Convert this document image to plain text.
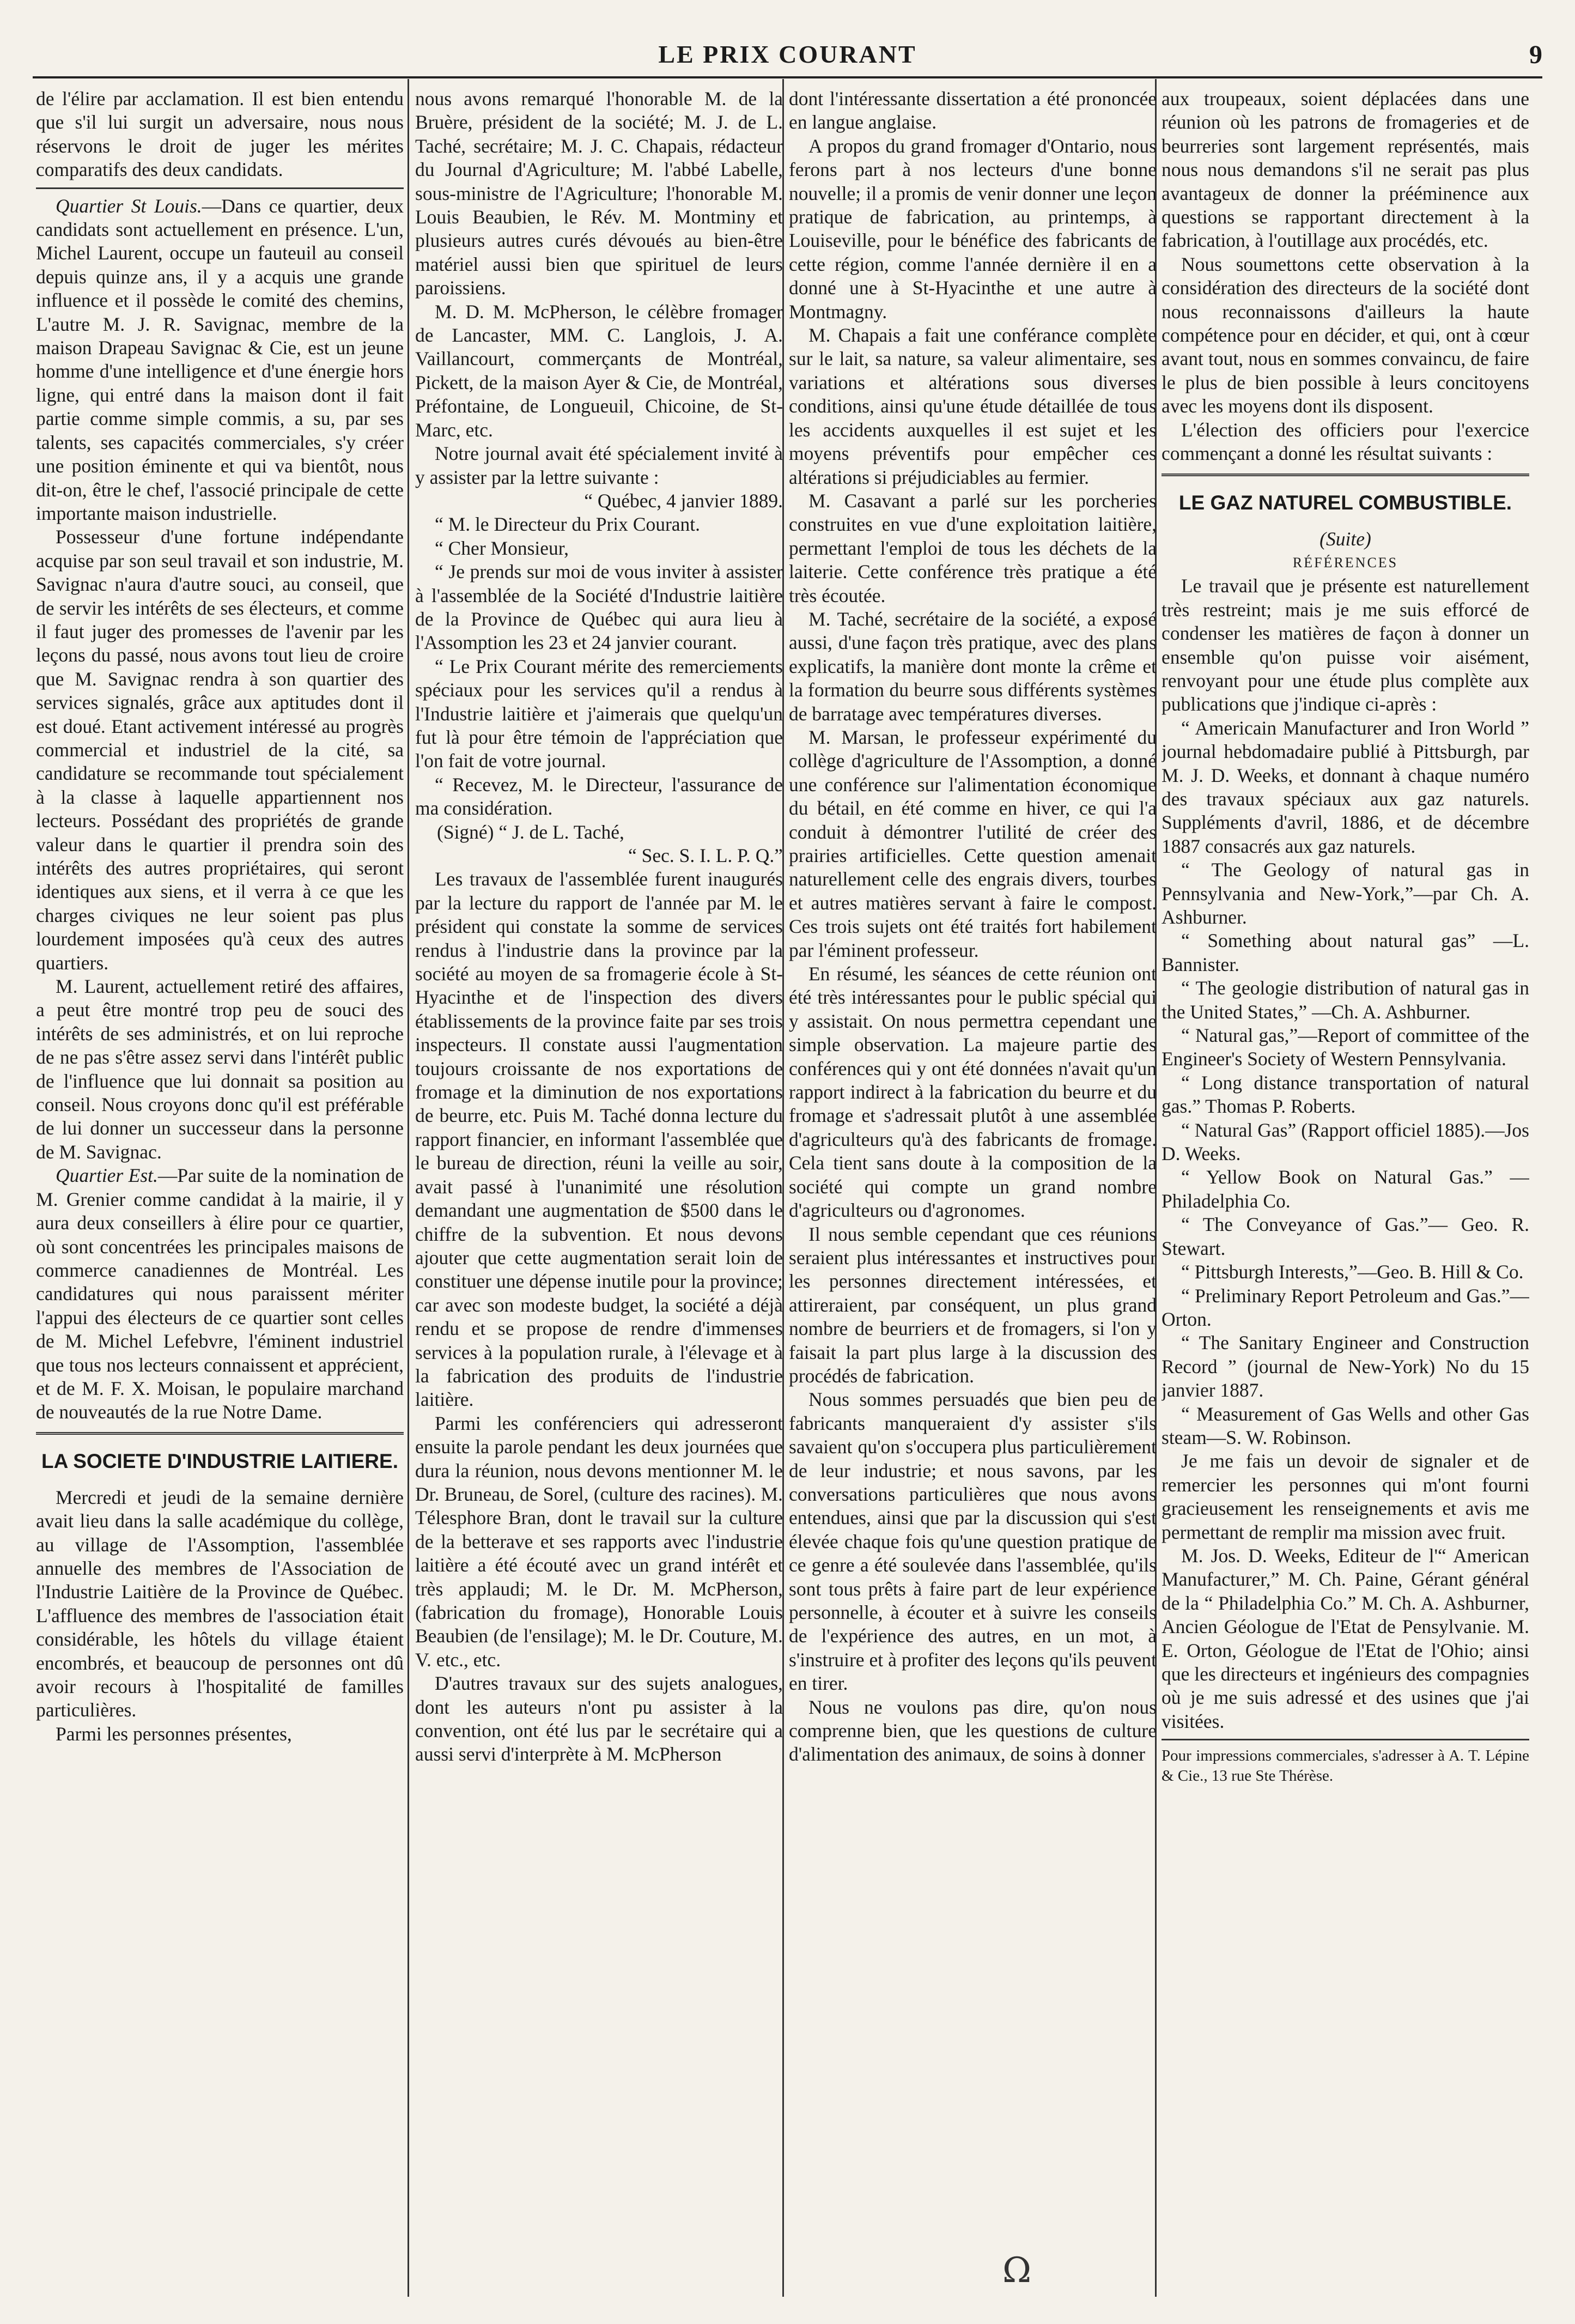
LE PRIX COURANT	9

de l'élire par acclamation. Il est bien entendu que s'il lui surgit un adversaire, nous nous réservons le droit de juger les mérites comparatifs des deux candidats.

Quartier St Louis.—Dans ce quartier, deux candidats sont actuellement en présence. L'un, Michel Laurent, occupe un fauteuil au conseil depuis quinze ans, il y a acquis une grande influence et il possède le comité des chemins, L'autre M. J. R. Savignac, membre de la maison Drapeau Savignac & Cie, est un jeune homme d'une intelligence et d'une énergie hors ligne, qui entré dans la maison dont il fait partie comme simple commis, a su, par ses talents, ses capacités commerciales, s'y créer une position éminente et qui va bientôt, nous dit-on, être le chef, l'associé principale de cette importante maison industrielle.

Possesseur d'une fortune indépendante acquise par son seul travail et son industrie, M. Savignac n'aura d'autre souci, au conseil, que de servir les intérêts de ses électeurs, et comme il faut juger des promesses de l'avenir par les leçons du passé, nous avons tout lieu de croire que M. Savignac rendra à son quartier des services signalés, grâce aux aptitudes dont il est doué. Etant activement intéressé au progrès commercial et industriel de la cité, sa candidature se recommande tout spécialement à la classe à laquelle appartiennent nos lecteurs. Possédant des propriétés de grande valeur dans le quartier il prendra soin des intérêts des autres propriétaires, qui seront identiques aux siens, et il verra à ce que les charges civiques ne leur soient pas plus lourdement imposées qu'à ceux des autres quartiers.

M. Laurent, actuellement retiré des affaires, a peut être montré trop peu de souci des intérêts de ses administrés, et on lui reproche de ne pas s'être assez servi dans l'intérêt public de l'influence que lui donnait sa position au conseil. Nous croyons donc qu'il est préférable de lui donner un successeur dans la personne de M. Savignac.

Quartier Est.—Par suite de la nomination de M. Grenier comme candidat à la mairie, il y aura deux conseillers à élire pour ce quartier, où sont concentrées les principales maisons de commerce canadiennes de Montréal. Les candidatures qui nous paraissent mériter l'appui des électeurs de ce quartier sont celles de M. Michel Lefebvre, l'éminent industriel que tous nos lecteurs connaissent et apprécient, et de M. F. X. Moisan, le populaire marchand de nouveautés de la rue Notre Dame.

LA SOCIETE D'INDUSTRIE LAITIERE.

Mercredi et jeudi de la semaine dernière avait lieu dans la salle académique du collège, au village de l'Assomption, l'assemblée annuelle des membres de l'Association de l'Industrie Laitière de la Province de Québec. L'affluence des membres de l'association était considérable, les hôtels du village étaient encombrés, et beaucoup de personnes ont dû avoir recours à l'hospitalité de familles particulières.

Parmi les personnes présentes,

nous avons remarqué l'honorable M. de la Bruère, président de la société; M. J. de L. Taché, secrétaire; M. J. C. Chapais, rédacteur du Journal d'Agriculture; M. l'abbé Labelle, sous-ministre de l'Agriculture; l'honorable M. Louis Beaubien, le Rév. M. Montminy et plusieurs autres curés dévoués au bien-être matériel aussi bien que spirituel de leurs paroissiens.

M. D. M. McPherson, le célèbre fromager de Lancaster, MM. C. Langlois, J. A. Vaillancourt, commerçants de Montréal, Pickett, de la maison Ayer & Cie, de Montréal, Préfontaine, de Longueuil, Chicoine, de St-Marc, etc.

Notre journal avait été spécialement invité à y assister par la lettre suivante :

“ Québec, 4 janvier 1889.

“ M. le Directeur du Prix Courant.

“ Cher Monsieur,

“ Je prends sur moi de vous inviter à assister à l'assemblée de la Société d'Industrie laitière de la Province de Québec qui aura lieu à l'Assomption les 23 et 24 janvier courant.

“ Le Prix Courant mérite des remerciements spéciaux pour les services qu'il a rendus à l'Industrie laitière et j'aimerais que quelqu'un fut là pour être témoin de l'appréciation que l'on fait de votre journal.

“ Recevez, M. le Directeur, l'assurance de ma considération.

(Signé) “ J. de L. Taché,

“ Sec. S. I. L. P. Q.”

Les travaux de l'assemblée furent inaugurés par la lecture du rapport de l'année par M. le président qui constate la somme de services rendus à l'industrie dans la province par la société au moyen de sa fromagerie école à St-Hyacinthe et de l'inspection des divers établissements de la province faite par ses trois inspecteurs. Il constate aussi l'augmentation toujours croissante de nos exportations de fromage et la diminution de nos exportations de beurre, etc. Puis M. Taché donna lecture du rapport financier, en informant l'assemblée que le bureau de direction, réuni la veille au soir, avait passé à l'unanimité une résolution demandant une augmentation de $500 dans le chiffre de la subvention. Et nous devons ajouter que cette augmentation serait loin de constituer une dépense inutile pour la province; car avec son modeste budget, la société a déjà rendu et se propose de rendre d'immenses services à la population rurale, à l'élevage et à la fabrication des produits de l'industrie laitière.

Parmi les conférenciers qui adresseront ensuite la parole pendant les deux journées que dura la réunion, nous devons mentionner M. le Dr. Bruneau, de Sorel, (culture des racines). M. Télesphore Bran, dont le travail sur la culture de la betterave et ses rapports avec l'industrie laitière a été écouté avec un grand intérêt et très applaudi; M. le Dr. M. McPherson, (fabrication du fromage), Honorable Louis Beaubien (de l'ensilage); M. le Dr. Couture, M. V. etc., etc.

D'autres travaux sur des sujets analogues, dont les auteurs n'ont pu assister à la convention, ont été lus par le secrétaire qui a aussi servi d'interprète à M. McPherson

dont l'intéressante dissertation a été prononcée en langue anglaise.

A propos du grand fromager d'Ontario, nous ferons part à nos lecteurs d'une bonne nouvelle; il a promis de venir donner une leçon pratique de fabrication, au printemps, à Louiseville, pour le bénéfice des fabricants de cette région, comme l'année dernière il en a donné une à St-Hyacinthe et une autre à Montmagny.

M. Chapais a fait une conférance complète sur le lait, sa nature, sa valeur alimentaire, ses variations et altérations sous diverses conditions, ainsi qu'une étude détaillée de tous les accidents auxquelles il est sujet et les moyens préventifs pour empêcher ces altérations si préjudiciables au fermier.

M. Casavant a parlé sur les porcheries construites en vue d'une exploitation laitière, permettant l'emploi de tous les déchets de la laiterie. Cette conférence très pratique a été très écoutée.

M. Taché, secrétaire de la société, a exposé aussi, d'une façon très pratique, avec des plans explicatifs, la manière dont monte la crême et la formation du beurre sous différents systèmes de barratage avec températures diverses.

M. Marsan, le professeur expérimenté du collège d'agriculture de l'Assomption, a donné une conférence sur l'alimentation économique du bétail, en été comme en hiver, ce qui l'a conduit à démontrer l'utilité de créer des prairies artificielles. Cette question amenait naturellement celle des engrais divers, tourbes et autres matières servant à faire le compost. Ces trois sujets ont été traités fort habilement par l'éminent professeur.

En résumé, les séances de cette réunion ont été très intéressantes pour le public spécial qui y assistait. On nous permettra cependant une simple observation. La majeure partie des conférences qui y ont été données n'avait qu'un rapport indirect à la fabrication du beurre et du fromage et s'adressait plutôt à une assemblée d'agriculteurs qu'à des fabricants de fromage. Cela tient sans doute à la composition de la société qui compte un grand nombre d'agriculteurs ou d'agronomes.

Il nous semble cependant que ces réunions seraient plus intéressantes et instructives pour les personnes directement intéressées, et attireraient, par conséquent, un plus grand nombre de beurriers et de fromagers, si l'on y faisait la part plus large à la discussion des procédés de fabrication.

Nous sommes persuadés que bien peu de fabricants manqueraient d'y assister s'ils savaient qu'on s'occupera plus particulièrement de leur industrie; et nous savons, par les conversations particulières que nous avons entendues, ainsi que par la discussion qui s'est élevée chaque fois qu'une question pratique de ce genre a été soulevée dans l'assemblée, qu'ils sont tous prêts à faire part de leur expérience personnelle, à écouter et à suivre les conseils de l'expérience des autres, en un mot, à s'instruire et à profiter des leçons qu'ils peuvent en tirer.

Nous ne voulons pas dire, qu'on nous comprenne bien, que les questions de culture d'alimentation des animaux, de soins à donner

aux troupeaux, soient déplacées dans une réunion où les patrons de fromageries et de beurreries sont largement représentés, mais nous nous demandons s'il ne serait pas plus avantageux de donner la prééminence aux questions se rapportant directement à la fabrication, à l'outillage aux procédés, etc.

Nous soumettons cette observation à la considération des directeurs de la société dont nous reconnaissons d'ailleurs la haute compétence pour en décider, et qui, ont à cœur avant tout, nous en sommes convaincu, de faire le plus de bien possible à leurs concitoyens avec les moyens dont ils disposent.

L'élection des officiers pour l'exercice commençant a donné les résultat suivants :

LE GAZ NATUREL COMBUSTIBLE.

(Suite)

RÉFÉRENCES

Le travail que je présente est naturellement très restreint; mais je me suis efforcé de condenser les matières de façon à donner un ensemble qu'on puisse voir aisément, renvoyant pour une étude plus complète aux publications que j'indique ci-après :

“ Americain Manufacturer and Iron World ” journal hebdomadaire publié à Pittsburgh, par M. J. D. Weeks, et donnant à chaque numéro des travaux spéciaux aux gaz naturels. Suppléments d'avril, 1886, et de décembre 1887 consacrés aux gaz naturels.

“ The Geology of natural gas in Pennsylvania and New-York,”—par Ch. A. Ashburner.

“ Something about natural gas” —L. Bannister.

“ The geologie distribution of natural gas in the United States,” —Ch. A. Ashburner.

“ Natural gas,”—Report of committee of the Engineer's Society of Western Pennsylvania.

“ Long distance transportation of natural gas.” Thomas P. Roberts.

“ Natural Gas” (Rapport officiel 1885).—Jos D. Weeks.

“ Yellow Book on Natural Gas.” —Philadelphia Co.

“ The Conveyance of Gas.”— Geo. R. Stewart.

“ Pittsburgh Interests,”—Geo. B. Hill & Co.

“ Preliminary Report Petroleum and Gas.”—Orton.

“ The Sanitary Engineer and Construction Record ” (journal de New-York) No du 15 janvier 1887.

“ Measurement of Gas Wells and other Gas steam—S. W. Robinson.

Je me fais un devoir de signaler et de remercier les personnes qui m'ont fourni gracieusement les renseignements et avis me permettant de remplir ma mission avec fruit.

M. Jos. D. Weeks, Editeur de l'“ American Manufacturer,” M. Ch. Paine, Gérant général de la “ Philadelphia Co.” M. Ch. A. Ashburner, Ancien Géologue de l'Etat de Pensylvanie. M. E. Orton, Géologue de l'Etat de l'Ohio; ainsi que les directeurs et ingénieurs des compagnies où je me suis adressé et des usines que j'ai visitées.

Pour impressions commerciales, s'adresser à A. T. Lépine & Cie., 13 rue Ste Thérèse.

Ω
